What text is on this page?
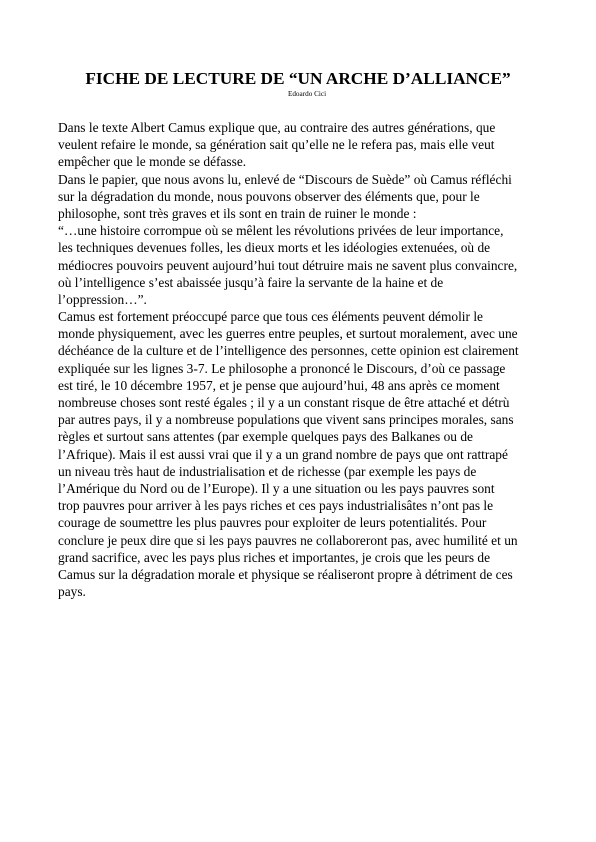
FICHE DE LECTURE DE “UN ARCHE D’ALLIANCE”
Edoardo Cici
Dans le texte Albert Camus explique que, au contraire des autres générations, que
veulent refaire le monde, sa génération sait qu’elle ne le refera pas, mais elle veut
empêcher que le monde se défasse.
Dans le papier, que nous avons lu, enlevé de “Discours de Suède” où Camus réfléchi
sur la dégradation du monde, nous pouvons observer des éléments que, pour le
philosophe, sont très graves et ils sont en train de ruiner le monde :
“…une histoire corrompue où se mêlent les révolutions privées de leur importance,
les techniques devenues folles, les dieux morts et les idéologies extenuées, où de
médiocres pouvoirs peuvent aujourd’hui tout détruire mais ne savent plus convaincre,
où l’intelligence s’est abaissée jusqu’à faire la servante de la haine et de
l’oppression…”.
Camus est fortement préoccupé parce que tous ces éléments peuvent démolir le
monde physiquement, avec les guerres entre peuples, et surtout moralement, avec une
déchéance de la culture et de l’intelligence des personnes, cette opinion est clairement
expliquée sur les lignes 3-7. Le philosophe a prononcé le Discours, d’où ce passage
est tiré, le 10 décembre 1957, et je pense que aujourd’hui, 48 ans après ce moment
nombreuse choses sont resté égales ; il y a un constant risque de être attaché et détrù
par autres pays, il y a nombreuse populations que vivent sans principes morales, sans
règles et surtout sans attentes (par exemple quelques pays des Balkanes ou de
l’Afrique). Mais il est aussi vrai que il y a un grand nombre de pays que ont rattrapé
un niveau très haut de industrialisation et de richesse (par exemple les pays de
l’Amérique du Nord ou de l’Europe). Il y a une situation ou les pays pauvres sont
trop pauvres pour arriver à les pays riches et ces pays industrialisâtes n’ont pas le
courage de soumettre les plus pauvres pour exploiter de leurs potentialités. Pour
conclure je peux dire que si les pays pauvres ne collaboreront pas, avec humilité et un
grand sacrifice, avec les pays plus riches et importantes, je crois que les peurs de
Camus sur la dégradation morale et physique se réaliseront propre à détriment de ces
pays.
